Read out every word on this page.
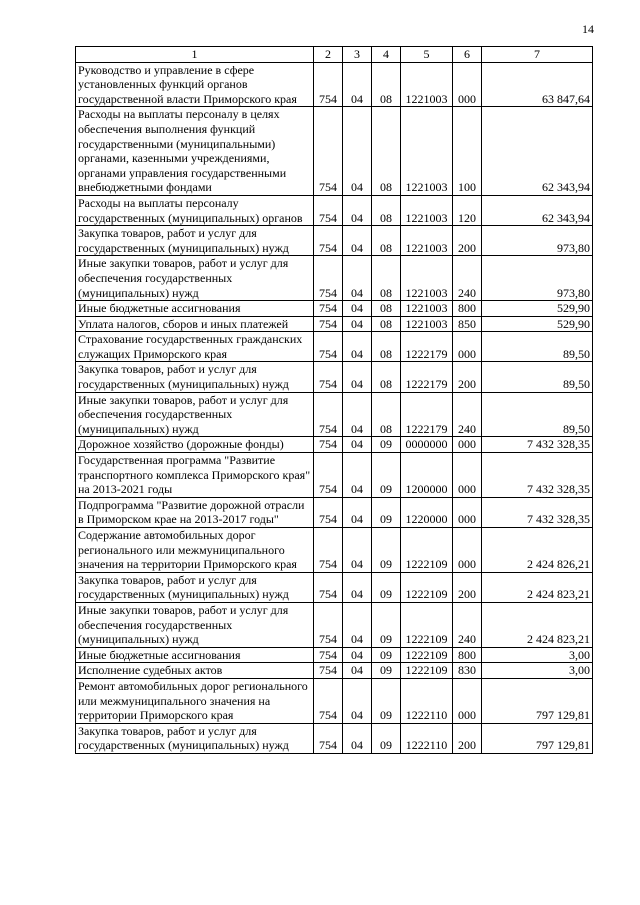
14
1	2	3	4	5	6	7
Руководство и управление в сфере установленных функций органов государственной власти Приморского края	754	04	08	1221003	000	63 847,64
Расходы на выплаты персоналу в целях обеспечения выполнения функций государственными (муниципальными) органами, казенными учреждениями, органами управления государственными внебюджетными фондами	754	04	08	1221003	100	62 343,94
Расходы на выплаты персоналу государственных (муниципальных) органов	754	04	08	1221003	120	62 343,94
Закупка товаров, работ и услуг для государственных (муниципальных) нужд	754	04	08	1221003	200	973,80
Иные закупки товаров, работ и услуг для обеспечения государственных (муниципальных) нужд	754	04	08	1221003	240	973,80
Иные бюджетные ассигнования	754	04	08	1221003	800	529,90
Уплата налогов, сборов и иных платежей	754	04	08	1221003	850	529,90
Страхование государственных гражданских служащих Приморского края	754	04	08	1222179	000	89,50
Закупка товаров, работ и услуг для государственных (муниципальных) нужд	754	04	08	1222179	200	89,50
Иные закупки товаров, работ и услуг для обеспечения государственных (муниципальных) нужд	754	04	08	1222179	240	89,50
Дорожное хозяйство (дорожные фонды)	754	04	09	0000000	000	7 432 328,35
Государственная программа "Развитие транспортного комплекса Приморского края" на 2013-2021 годы	754	04	09	1200000	000	7 432 328,35
Подпрограмма "Развитие дорожной отрасли в Приморском крае на 2013-2017 годы"	754	04	09	1220000	000	7 432 328,35
Содержание автомобильных дорог регионального или межмуниципального значения на территории Приморского края	754	04	09	1222109	000	2 424 826,21
Закупка товаров, работ и услуг для государственных (муниципальных) нужд	754	04	09	1222109	200	2 424 823,21
Иные закупки товаров, работ и услуг для обеспечения государственных (муниципальных) нужд	754	04	09	1222109	240	2 424 823,21
Иные бюджетные ассигнования	754	04	09	1222109	800	3,00
Исполнение судебных актов	754	04	09	1222109	830	3,00
Ремонт автомобильных дорог регионального или межмуниципального значения на территории Приморского края	754	04	09	1222110	000	797 129,81
Закупка товаров, работ и услуг для государственных (муниципальных) нужд	754	04	09	1222110	200	797 129,81
